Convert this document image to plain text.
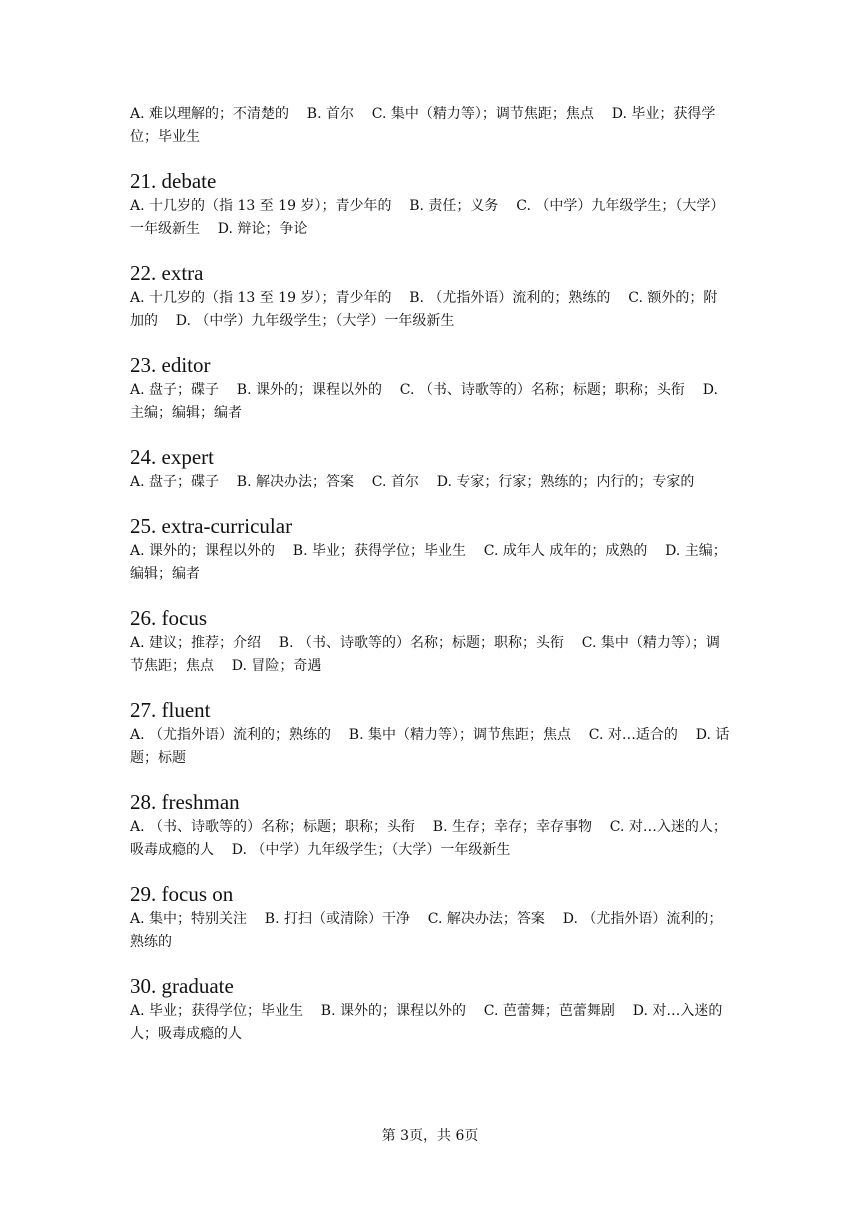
A. 难以理解的；不清楚的    B. 首尔    C. 集中（精力等）；调节焦距；焦点    D. 毕业；获得学位；毕业生

21. debate

A. 十几岁的（指 13 至 19 岁）；青少年的    B. 责任；义务    C. （中学）九年级学生；（大学）一年级新生    D. 辩论；争论

22. extra

A. 十几岁的（指 13 至 19 岁）；青少年的    B. （尤指外语）流利的；熟练的    C. 额外的；附加的    D. （中学）九年级学生；（大学）一年级新生

23. editor

A. 盘子；碟子    B. 课外的；课程以外的    C. （书、诗歌等的）名称；标题；职称；头衔    D. 主编；编辑；编者

24. expert

A. 盘子；碟子    B. 解决办法；答案    C. 首尔    D. 专家；行家；熟练的；内行的；专家的

25. extra-curricular

A. 课外的；课程以外的    B. 毕业；获得学位；毕业生    C. 成年人 成年的；成熟的    D. 主编；编辑；编者

26. focus

A. 建议；推荐；介绍    B. （书、诗歌等的）名称；标题；职称；头衔    C. 集中（精力等）；调节焦距；焦点    D. 冒险；奇遇

27. fluent

A. （尤指外语）流利的；熟练的    B. 集中（精力等）；调节焦距；焦点    C. 对…适合的    D. 话题；标题

28. freshman

A. （书、诗歌等的）名称；标题；职称；头衔    B. 生存；幸存；幸存事物    C. 对…入迷的人；吸毒成瘾的人    D. （中学）九年级学生；（大学）一年级新生

29. focus on

A. 集中；特别关注    B. 打扫（或清除）干净    C. 解决办法；答案    D. （尤指外语）流利的；熟练的

30. graduate

A. 毕业；获得学位；毕业生    B. 课外的；课程以外的    C. 芭蕾舞；芭蕾舞剧    D. 对…入迷的人；吸毒成瘾的人

第 3页，共 6页
